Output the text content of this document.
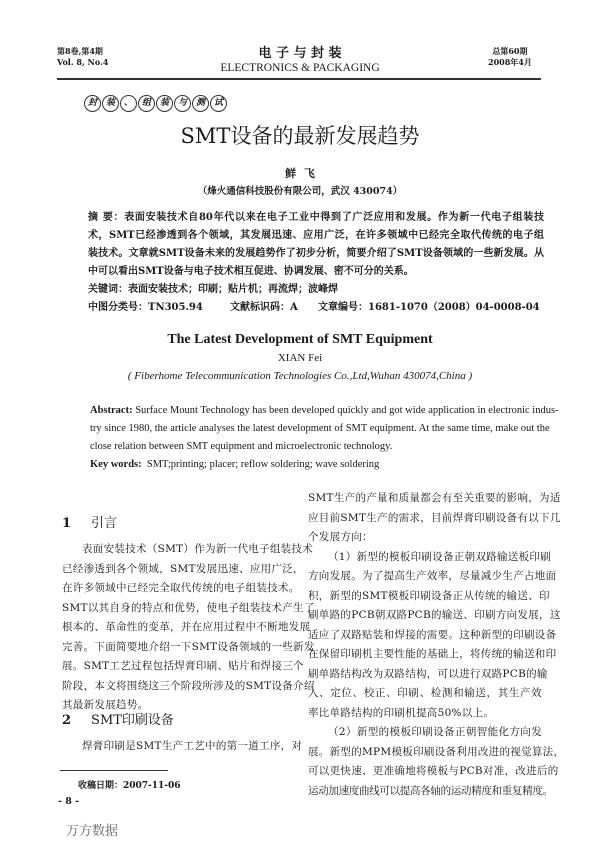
第8卷,第4期
Vol. 8, No.4
电 子 与 封 装
ELECTRONICS & PACKAGING
总第60期
2008年4月
封 装 、 组 装 与 测 试
SMT设备的最新发展趋势
鲜  飞
（烽火通信科技股份有限公司，武汉 430074）
摘 要：表面安装技术自80年代以来在电子工业中得到了广泛应用和发展。作为新一代电子组装技
术，SMT已经渗透到各个领域，其发展迅速、应用广泛，在许多领域中已经完全取代传统的电子组
装技术。文章就SMT设备未来的发展趋势作了初步分析，简要介绍了SMT设备领域的一些新发展。从
中可以看出SMT设备与电子技术相互促进、协调发展、密不可分的关系。
关键词：表面安装技术；印刷；贴片机；再流焊；波峰焊
中图分类号：TN305.94	文献标识码：A 文章编号：1681-1070（2008）04-0008-04
The Latest Development of SMT Equipment
XIAN Fei
( Fiberhome Telecommunication Technologies Co.,Ltd,Wuhan 430074,China )
Abstract: Surface Mount Technology has been developed quickly and got wide application in electronic indus-
try since 1980, the article analyses the latest development of SMT equipment. At the same time, make out the
close relation between SMT equipment and microelectronic technology.
Key words:  SMT;printing; placer; reflow soldering; wave soldering
1 引言
表面安装技术（SMT）作为新一代电子组装技术
已经渗透到各个领域，SMT发展迅速、应用广泛，
在许多领域中已经完全取代传统的电子组装技术。
SMT以其自身的特点和优势，使电子组装技术产生了
根本的、革命性的变革，并在应用过程中不断地发展
完善。下面简要地介绍一下SMT设备领域的一些新发
展。SMT工艺过程包括焊膏印刷、贴片和焊接三个
阶段，本文将围绕这三个阶段所涉及的SMT设备介绍
其最新发展趋势。
2 SMT印刷设备
焊膏印刷是SMT生产工艺中的第一道工序，对
收稿日期：2007-11-06
- 8 -
万方数据
SMT生产的产量和质量都会有至关重要的影响，为适
应目前SMT生产的需求，目前焊膏印刷设备有以下几
个发展方向：
（1）新型的模板印刷设备正朝双路输送板印刷
方向发展。为了提高生产效率，尽量减少生产占地面
积，新型的SMT模板印刷设备正从传统的输送、印
刷单路的PCB朝双路PCB的输送、印刷方向发展，这
适应了双路贴装和焊接的需要。这种新型的印刷设备
在保留印刷机主要性能的基础上，将传统的输送和印
刷单路结构改为双路结构，可以进行双路PCB的输
入、定位、校正、印刷、检测和输送，其生产效
率比单路结构的印刷机提高50%以上。
（2）新型的模板印刷设备正朝智能化方向发
展。新型的MPM模板印刷设备利用改进的视觉算法，
可以更快速、更准确地将模板与PCB对准，改进后的
运动加速度曲线可以提高各轴的运动精度和重复精度。
